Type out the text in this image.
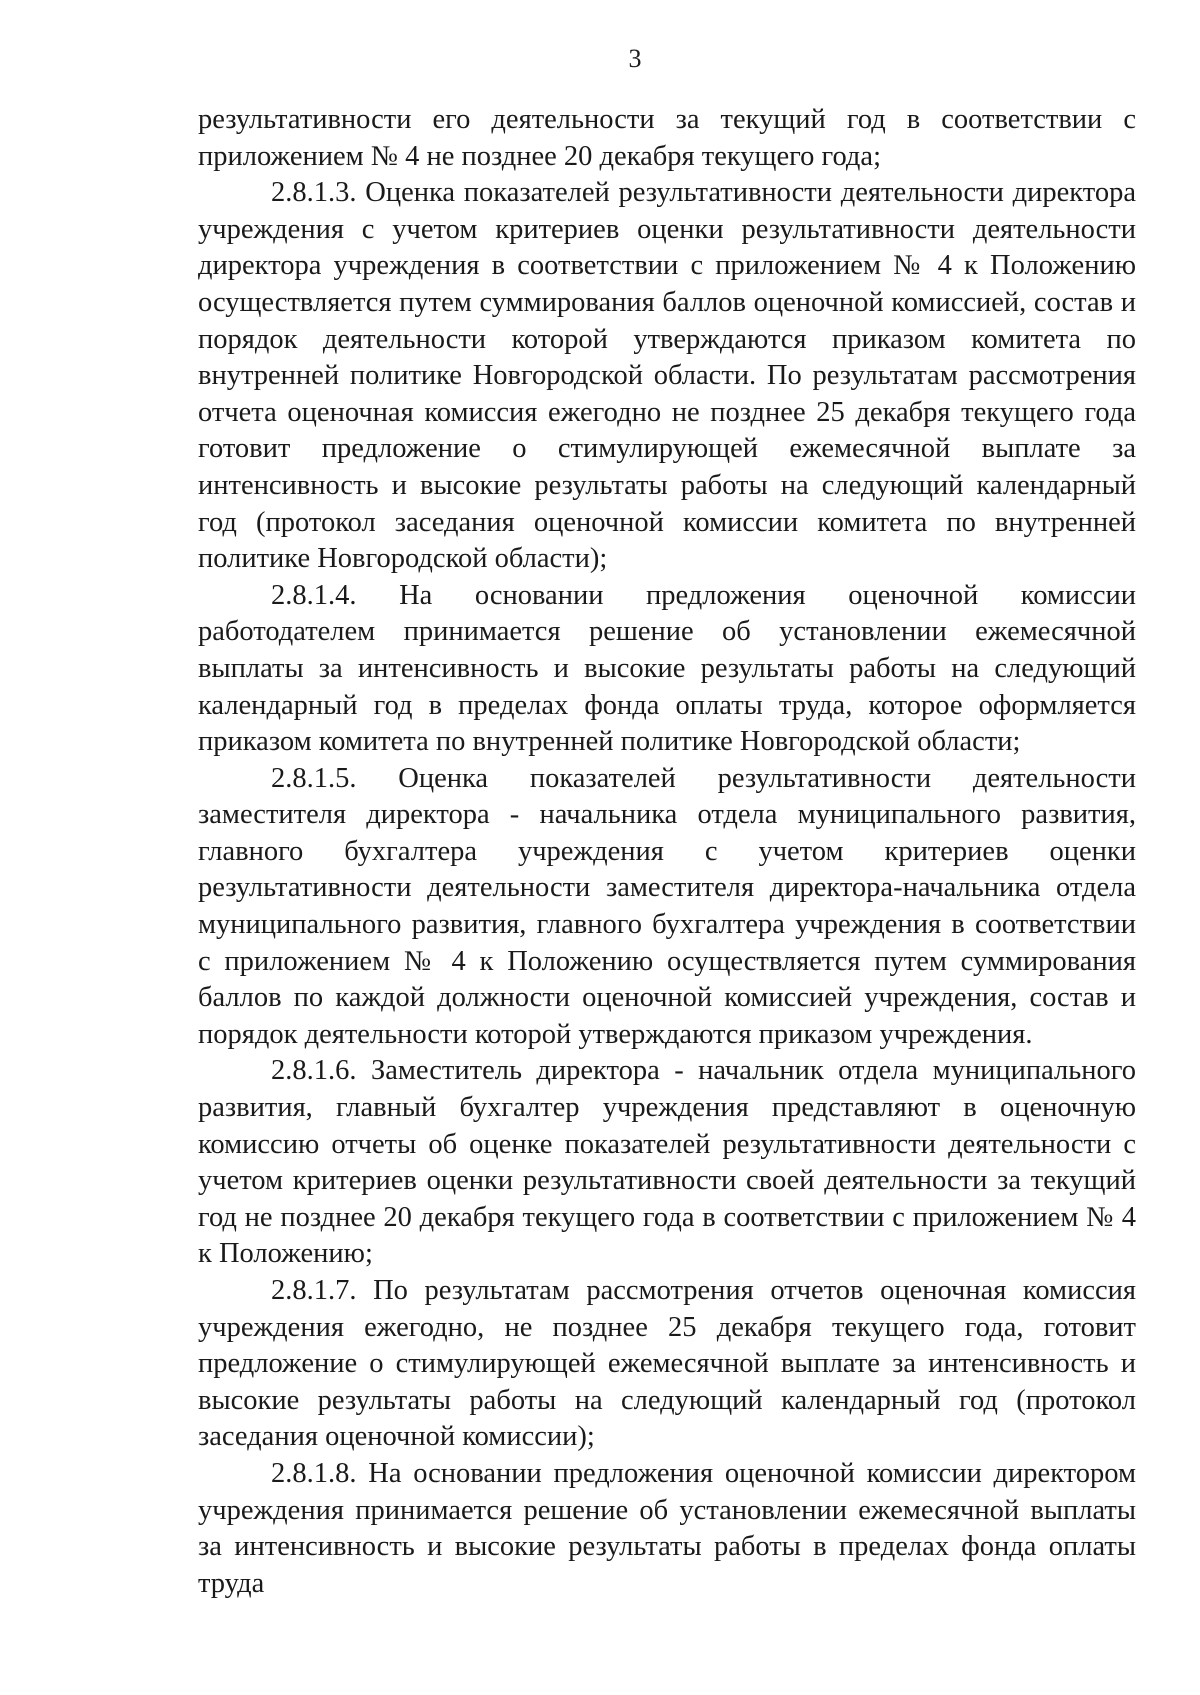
3

результативности его деятельности за текущий год в соответствии с приложением № 4 не позднее 20 декабря текущего года;

2.8.1.3. Оценка показателей результативности деятельности директора учреждения с учетом критериев оценки результативности деятельности директора учреждения в соответствии с приложением № 4 к Положению осуществляется путем суммирования баллов оценочной комиссией, состав и порядок деятельности которой утверждаются приказом комитета по внутренней политике Новгородской области. По результатам рассмотрения отчета оценочная комиссия ежегодно не позднее 25 декабря текущего года готовит предложение о стимулирующей ежемесячной выплате за интенсивность и высокие результаты работы на следующий календарный год (протокол заседания оценочной комиссии комитета по внутренней политике Новгородской области);

2.8.1.4. На основании предложения оценочной комиссии работодателем принимается решение об установлении ежемесячной выплаты за интенсивность и высокие результаты работы на следующий календарный год в пределах фонда оплаты труда, которое оформляется приказом комитета по внутренней политике Новгородской области;

2.8.1.5. Оценка показателей результативности деятельности заместителя директора - начальника отдела муниципального развития, главного бухгалтера учреждения с учетом критериев оценки результативности деятельности заместителя директора-начальника отдела муниципального развития, главного бухгалтера учреждения в соответствии с приложением № 4 к Положению осуществляется путем суммирования баллов по каждой должности оценочной комиссией учреждения, состав и порядок деятельности которой утверждаются приказом учреждения.

2.8.1.6. Заместитель директора - начальник отдела муниципального развития, главный бухгалтер учреждения представляют в оценочную комиссию отчеты об оценке показателей результативности деятельности с учетом критериев оценки результативности своей деятельности за текущий год не позднее 20 декабря текущего года в соответствии с приложением № 4 к Положению;

2.8.1.7. По результатам рассмотрения отчетов оценочная комиссия учреждения ежегодно, не позднее 25 декабря текущего года, готовит предложение о стимулирующей ежемесячной выплате за интенсивность и высокие результаты работы на следующий календарный год (протокол заседания оценочной комиссии);

2.8.1.8. На основании предложения оценочной комиссии директором учреждения принимается решение об установлении ежемесячной выплаты за интенсивность и высокие результаты работы в пределах фонда оплаты труда
